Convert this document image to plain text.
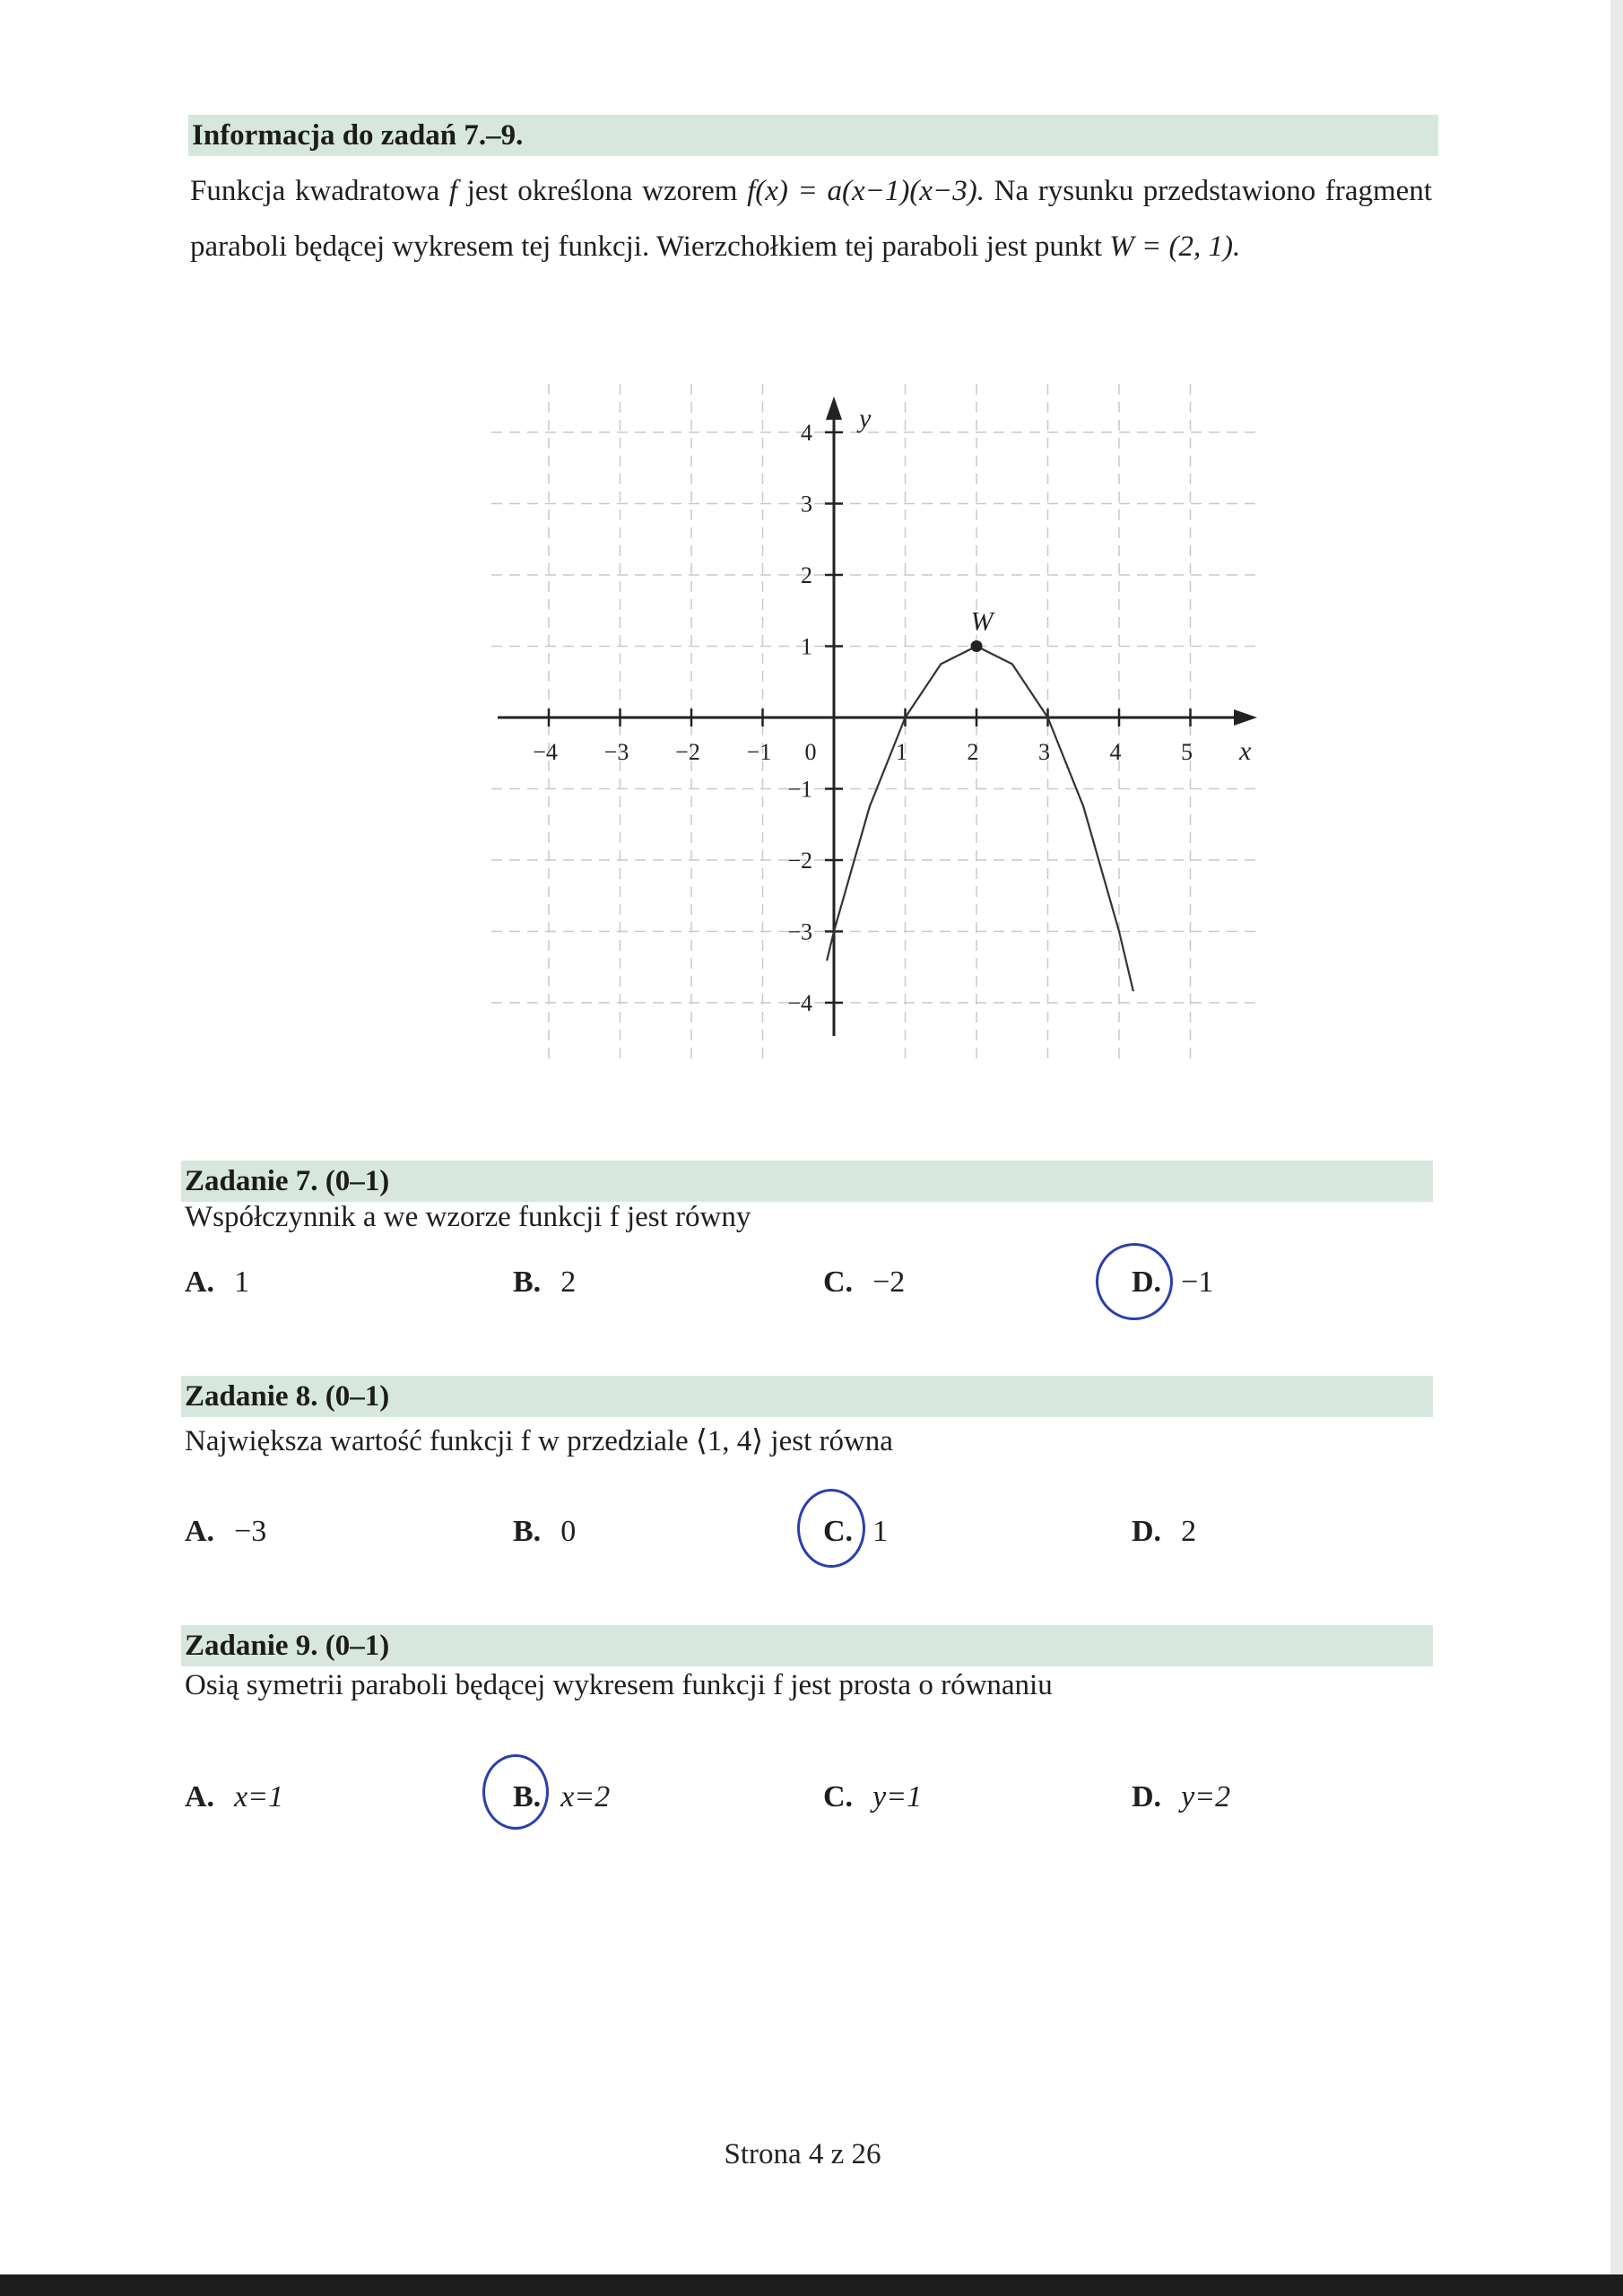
Informacja do zadań 7.–9.
Funkcja kwadratowa f jest określona wzorem f(x) = a(x−1)(x−3). Na rysunku przedstawiono fragment paraboli będącej wykresem tej funkcji. Wierzchołkiem tej paraboli jest punkt W = (2, 1).
−4 −3 −2 −1 0	1	2	3	4	5
4
3
2
1
−1
−2
−3
−4
x
y
W
Zadanie 7. (0–1)
Współczynnik a we wzorze funkcji f jest równy
A. 1	B. 2	C. −2	D. −1
Zadanie 8. (0–1)
Największa wartość funkcji f w przedziale ⟨1, 4⟩ jest równa
A. −3	B. 0	C. 1	D. 2
Zadanie 9. (0–1)
Osią symetrii paraboli będącej wykresem funkcji f jest prosta o równaniu
A. x=1	B. x=2	C. y=1	D. y=2
Strona 4 z 26
